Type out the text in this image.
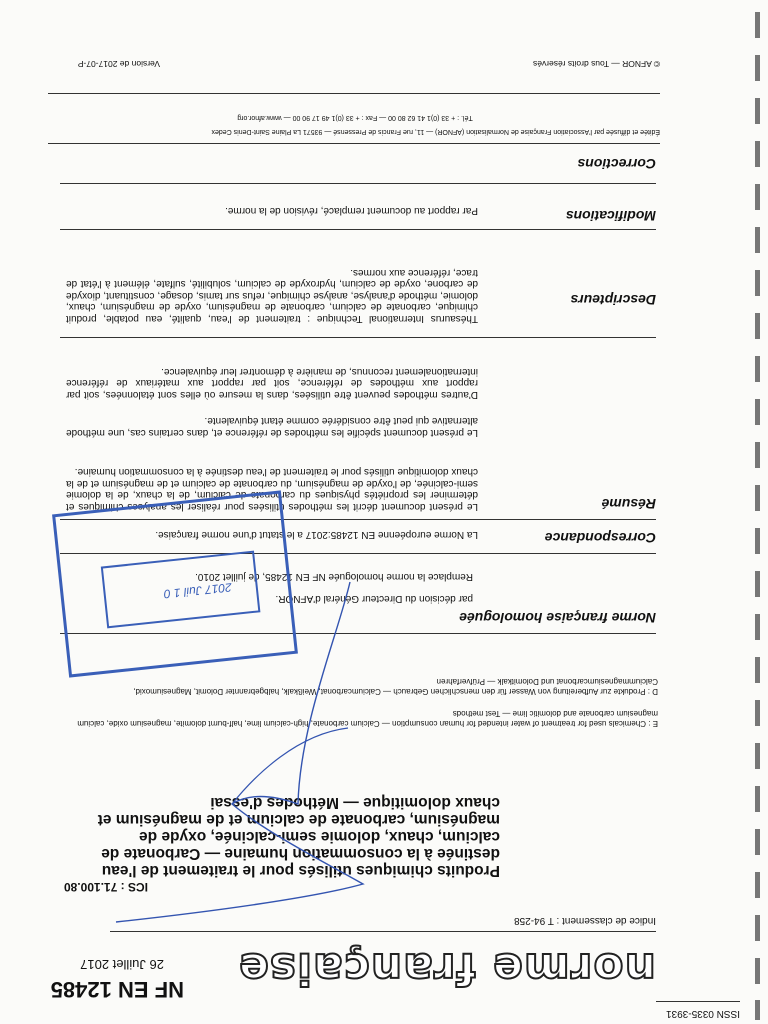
ISSN 0335-3931
norme française
NF EN 12485
26 Juillet 2017
Indice de classement : T 94-258
ICS : 71.100.80
Produits chimiques utilisés pour le traitement de l'eau destinée à la consommation humaine — Carbonate de calcium, chaux, dolomie semi-calcinée, oxyde de magnésium, carbonate de calcium et de magnésium et chaux dolomitique — Méthodes d'essai
E : Chemicals used for treatment of water intended for human consumption — Calcium carbonate, high-calcium lime, half-burnt dolomite, magnesium oxide, calcium magnesium carbonate and dolomitic lime — Test methods
D : Produkte zur Aufbereitung von Wasser für den menschlichen Gebrauch — Calciumcarbonat, Weißkalk, halbgebrannter Dolomit, Magnesiumoxid, Calciummagnesiumcarbonat und Dolomitkalk — Prüfverfahren
Norme française homologuée
par décision du Directeur Général d'AFNOR.
Remplace la norme homologuée NF EN 12485, de juillet 2010.
Correspondance
La Norme européenne EN 12485:2017 a le statut d'une norme française.
Résumé
Le présent document décrit les méthodes utilisées pour réaliser les analyses chimiques et déterminer les propriétés physiques du carbonate de calcium, de la chaux, de la dolomie semi-calcinée, de l'oxyde de magnésium, du carbonate de calcium et de magnésium et de la chaux dolomitique utilisés pour le traitement de l'eau destinée à la consommation humaine.
Le présent document spécifie les méthodes de référence et, dans certains cas, une méthode alternative qui peut être considérée comme étant équivalente.
D'autres méthodes peuvent être utilisées, dans la mesure où elles sont étalonnées, soit par rapport aux méthodes de référence, soit par rapport aux matériaux de référence internationalement reconnus, de manière à démontrer leur équivalence.
Descripteurs
Thésaurus International Technique : traitement de l'eau, qualité, eau potable, produit chimique, carbonate de calcium, carbonate de magnésium, oxyde de magnésium, chaux, dolomie, méthode d'analyse, analyse chimique, refus sur tamis, dosage, constituant, dioxyde de carbone, oxyde de calcium, hydroxyde de calcium, solubilité, sulfate, élément à l'état de trace, référence aux normes.
Modifications
Par rapport au document remplacé, révision de la norme.
Corrections
Éditée et diffusée par l'Association Française de Normalisation (AFNOR) — 11, rue Francis de Pressensé — 93571 La Plaine Saint-Denis Cedex
Tél. : + 33 (0)1 41 62 80 00 — Fax : + 33 (0)1 49 17 90 00 — www.afnor.org
© AFNOR — Tous droits réservés
Version de 2017-07-P
2017 Juil 1 0
